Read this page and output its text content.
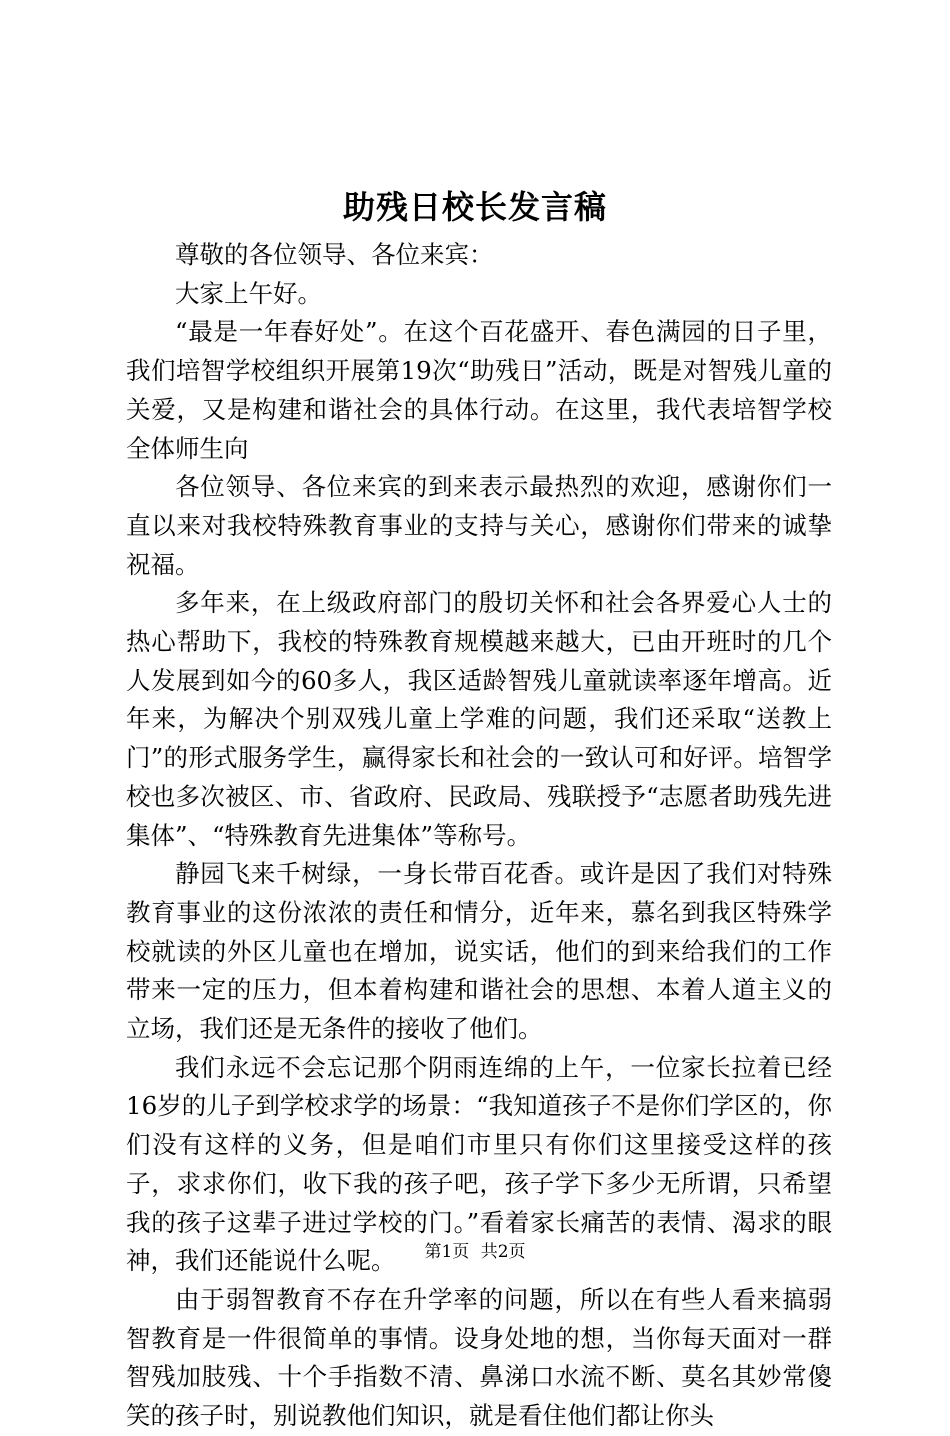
助残日校长发言稿

尊敬的各位领导、各位来宾：

大家上午好。

“最是一年春好处”。在这个百花盛开、春色满园的日子里，我们培智学校组织开展第19次“助残日”活动，既是对智残儿童的关爱，又是构建和谐社会的具体行动。在这里，我代表培智学校全体师生向

各位领导、各位来宾的到来表示最热烈的欢迎，感谢你们一直以来对我校特殊教育事业的支持与关心，感谢你们带来的诚挚祝福。

多年来，在上级政府部门的殷切关怀和社会各界爱心人士的热心帮助下，我校的特殊教育规模越来越大，已由开班时的几个人发展到如今的60多人，我区适龄智残儿童就读率逐年增高。近年来，为解决个别双残儿童上学难的问题，我们还采取“送教上门”的形式服务学生，赢得家长和社会的一致认可和好评。培智学校也多次被区、市、省政府、民政局、残联授予“志愿者助残先进集体”、“特殊教育先进集体”等称号。

静园飞来千树绿，一身长带百花香。或许是因了我们对特殊教育事业的这份浓浓的责任和情分，近年来，慕名到我区特殊学校就读的外区儿童也在增加，说实话，他们的到来给我们的工作带来一定的压力，但本着构建和谐社会的思想、本着人道主义的立场，我们还是无条件的接收了他们。

我们永远不会忘记那个阴雨连绵的上午，一位家长拉着已经16岁的儿子到学校求学的场景：“我知道孩子不是你们学区的，你们没有这样的义务，但是咱们市里只有你们这里接受这样的孩子，求求你们，收下我的孩子吧，孩子学下多少无所谓，只希望我的孩子这辈子进过学校的门。”看着家长痛苦的表情、渴求的眼神，我们还能说什么呢。

由于弱智教育不存在升学率的问题，所以在有些人看来搞弱智教育是一件很简单的事情。设身处地的想，当你每天面对一群智残加肢残、十个手指数不清、鼻涕口水流不断、莫名其妙常傻笑的孩子时，别说教他们知识，就是看住他们都让你头

第1页 共2页
